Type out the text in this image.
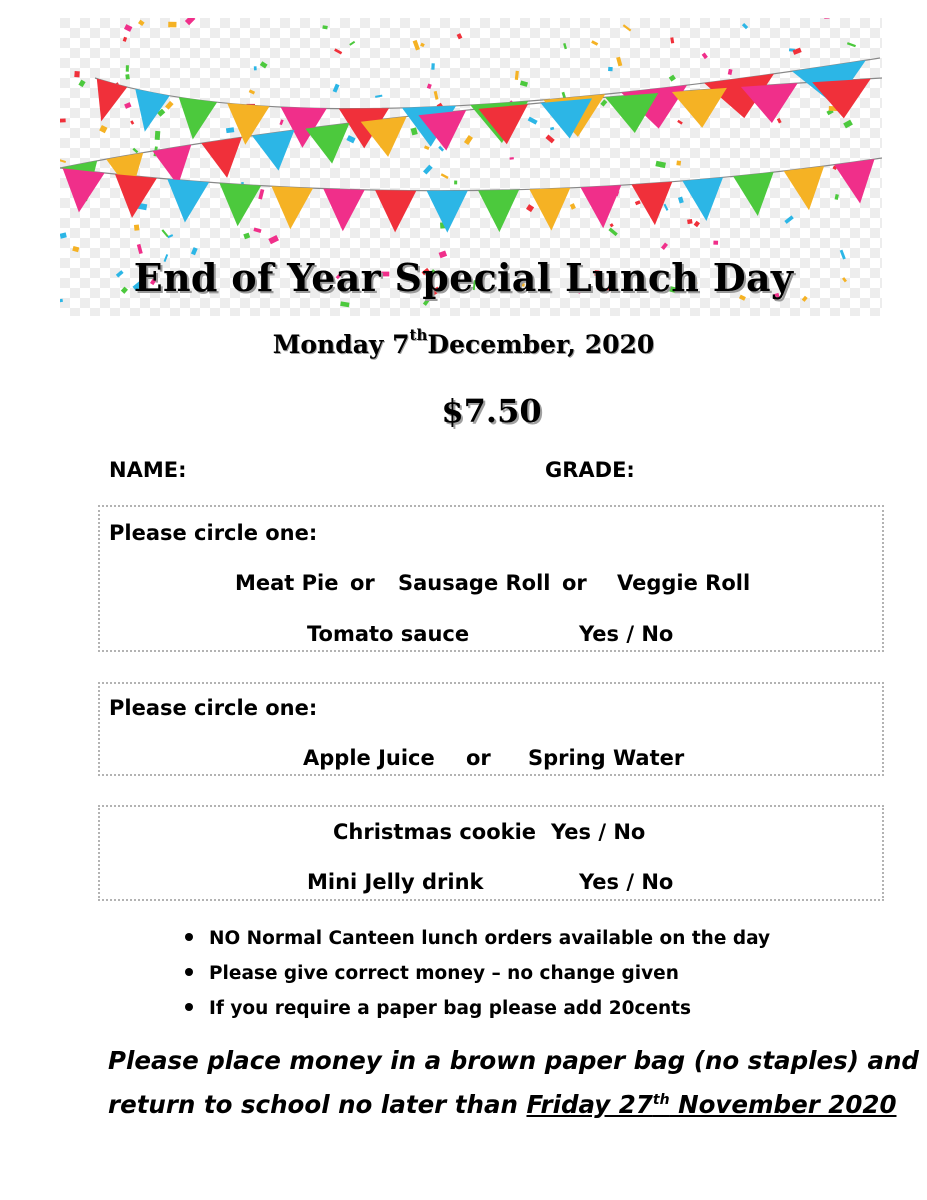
End of Year Special Lunch Day
Monday 7thDecember, 2020
$7.50
NAME:	GRADE:
Please circle one:
Meat Pie or Sausage Roll or Veggie Roll
Tomato sauce	Yes / No
Please circle one:
Apple Juice or Spring Water
Christmas cookie Yes / No
Mini Jelly drink	Yes / No
NO Normal Canteen lunch orders available on the day
Please give correct money – no change given
If you require a paper bag please add 20cents
Please place money in a brown paper bag (no staples) and
return to school no later than Friday 27th November 2020
